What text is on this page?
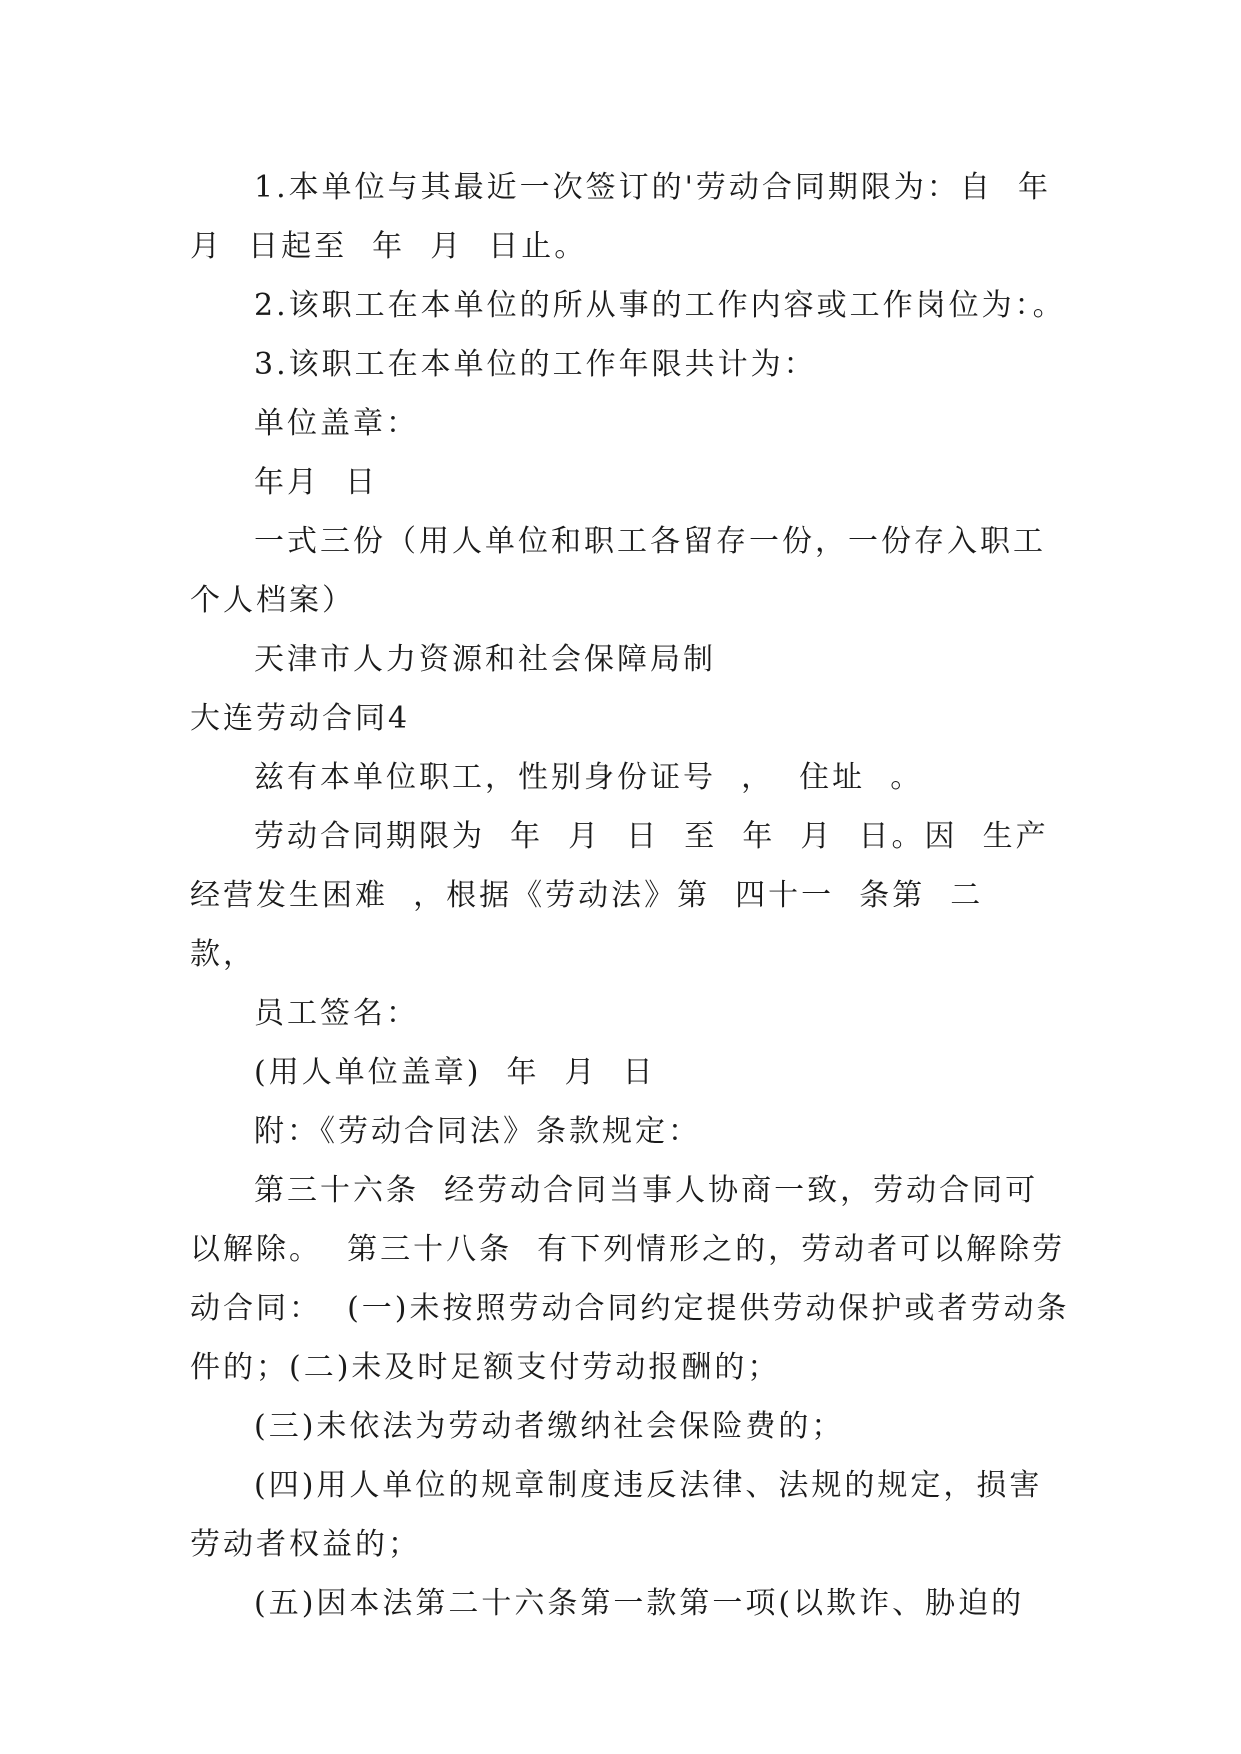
1.本单位与其最近一次签订的'劳动合同期限为：自  年  月  日起至  年  月  日止。

2.该职工在本单位的所从事的工作内容或工作岗位为：。

3.该职工在本单位的工作年限共计为：

单位盖章：

年月  日

一式三份（用人单位和职工各留存一份，一份存入职工个人档案）

天津市人力资源和社会保障局制

大连劳动合同4

兹有本单位职工，性别身份证号  ，  住址  。

劳动合同期限为  年  月  日  至  年  月  日。因  生产经营发生困难  ，根据《劳动法》第  四十一  条第  二  款，

员工签名：

(用人单位盖章)  年  月  日

附：《劳动合同法》条款规定：

第三十六条  经劳动合同当事人协商一致，劳动合同可以解除。  第三十八条  有下列情形之的，劳动者可以解除劳动合同：  (一)未按照劳动合同约定提供劳动保护或者劳动条件的；(二)未及时足额支付劳动报酬的；

(三)未依法为劳动者缴纳社会保险费的；

(四)用人单位的规章制度违反法律、法规的规定，损害劳动者权益的；

(五)因本法第二十六条第一款第一项(以欺诈、胁迫的
